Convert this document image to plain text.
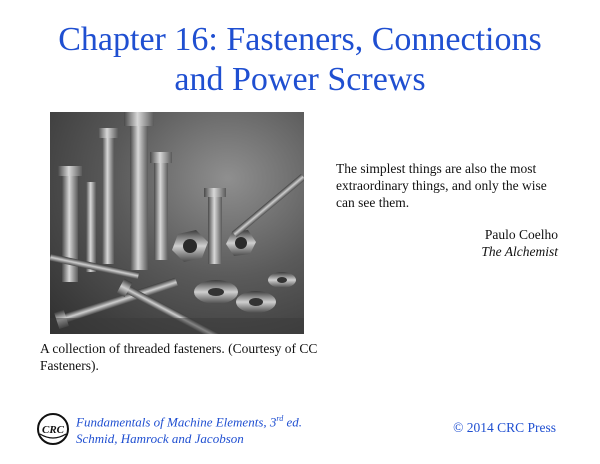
Chapter 16: Fasteners, Connections
and Power Screws
A collection of threaded fasteners. (Courtesy of CC Fasteners).
The simplest things are also the most extraordinary things, and only the wise can see them.
Paulo Coelho
The Alchemist
CRC
Fundamentals of Machine Elements, 3rd ed.
Schmid, Hamrock and Jacobson
© 2014 CRC Press
